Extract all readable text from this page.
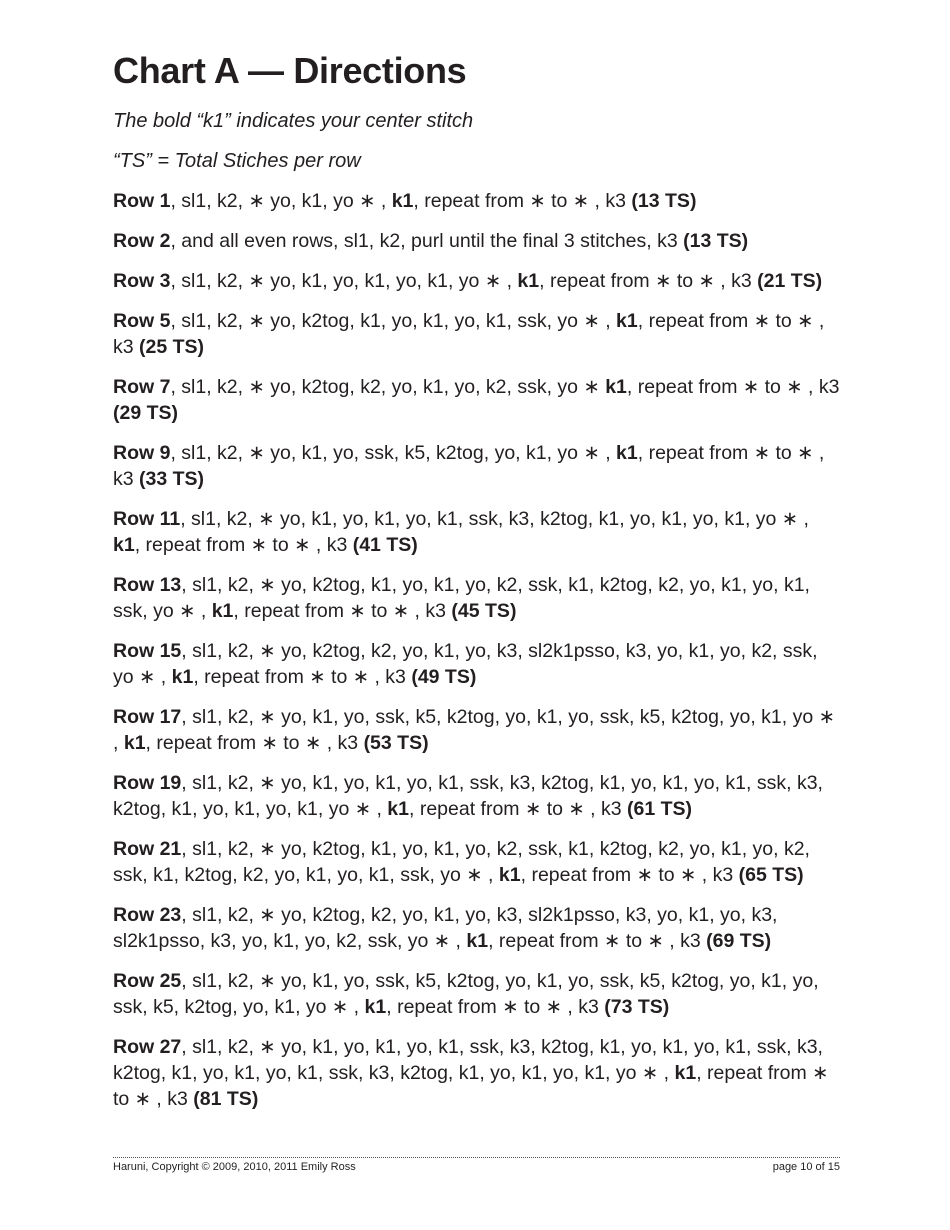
Chart A — Directions

The bold “k1” indicates your center stitch

“TS” = Total Stiches per row

Row 1, sl1, k2, ∗ yo, k1, yo ∗ , k1, repeat from ∗ to ∗ , k3 (13 TS)

Row 2, and all even rows, sl1, k2, purl until the final 3 stitches, k3 (13 TS)

Row 3, sl1, k2, ∗ yo, k1, yo, k1, yo, k1, yo ∗ , k1, repeat from ∗ to ∗ , k3 (21 TS)

Row 5, sl1, k2, ∗ yo, k2tog, k1, yo, k1, yo, k1, ssk, yo ∗ , k1, repeat from ∗ to ∗ , k3 (25 TS)

Row 7, sl1, k2, ∗ yo, k2tog, k2, yo, k1, yo, k2, ssk, yo ∗ k1, repeat from ∗ to ∗ , k3 (29 TS)

Row 9, sl1, k2, ∗ yo, k1, yo, ssk, k5, k2tog, yo, k1, yo ∗ , k1, repeat from ∗ to ∗ , k3 (33 TS)

Row 11, sl1, k2, ∗ yo, k1, yo, k1, yo, k1, ssk, k3, k2tog, k1, yo, k1, yo, k1, yo ∗ , k1, repeat from ∗ to ∗ , k3 (41 TS)

Row 13, sl1, k2, ∗ yo, k2tog, k1, yo, k1, yo, k2, ssk, k1, k2tog, k2, yo, k1, yo, k1, ssk, yo ∗ , k1, repeat from ∗ to ∗ , k3 (45 TS)

Row 15, sl1, k2, ∗ yo, k2tog, k2, yo, k1, yo, k3, sl2k1psso, k3, yo, k1, yo, k2, ssk, yo ∗ , k1, repeat from ∗ to ∗ , k3 (49 TS)

Row 17, sl1, k2, ∗ yo, k1, yo, ssk, k5, k2tog, yo, k1, yo, ssk, k5, k2tog, yo, k1, yo ∗ , k1, repeat from ∗ to ∗ , k3 (53 TS)

Row 19, sl1, k2, ∗ yo, k1, yo, k1, yo, k1, ssk, k3, k2tog, k1, yo, k1, yo, k1, ssk, k3, k2tog, k1, yo, k1, yo, k1, yo ∗ , k1, repeat from ∗ to ∗ , k3 (61 TS)

Row 21, sl1, k2, ∗ yo, k2tog, k1, yo, k1, yo, k2, ssk, k1, k2tog, k2, yo, k1, yo, k2, ssk, k1, k2tog, k2, yo, k1, yo, k1, ssk, yo ∗ , k1, repeat from ∗ to ∗ , k3 (65 TS)

Row 23, sl1, k2, ∗ yo, k2tog, k2, yo, k1, yo, k3, sl2k1psso, k3, yo, k1, yo, k3, sl2k1psso, k3, yo, k1, yo, k2, ssk, yo ∗ , k1, repeat from ∗ to ∗ , k3 (69 TS)

Row 25, sl1, k2, ∗ yo, k1, yo, ssk, k5, k2tog, yo, k1, yo, ssk, k5, k2tog, yo, k1, yo, ssk, k5, k2tog, yo, k1, yo ∗ , k1, repeat from ∗ to ∗ , k3 (73 TS)

Row 27, sl1, k2, ∗ yo, k1, yo, k1, yo, k1, ssk, k3, k2tog, k1, yo, k1, yo, k1, ssk, k3, k2tog, k1, yo, k1, yo, k1, ssk, k3, k2tog, k1, yo, k1, yo, k1, yo ∗ , k1, repeat from ∗ to ∗ , k3 (81 TS)

Haruni, Copyright © 2009, 2010, 2011 Emily Ross	page 10 of 15
